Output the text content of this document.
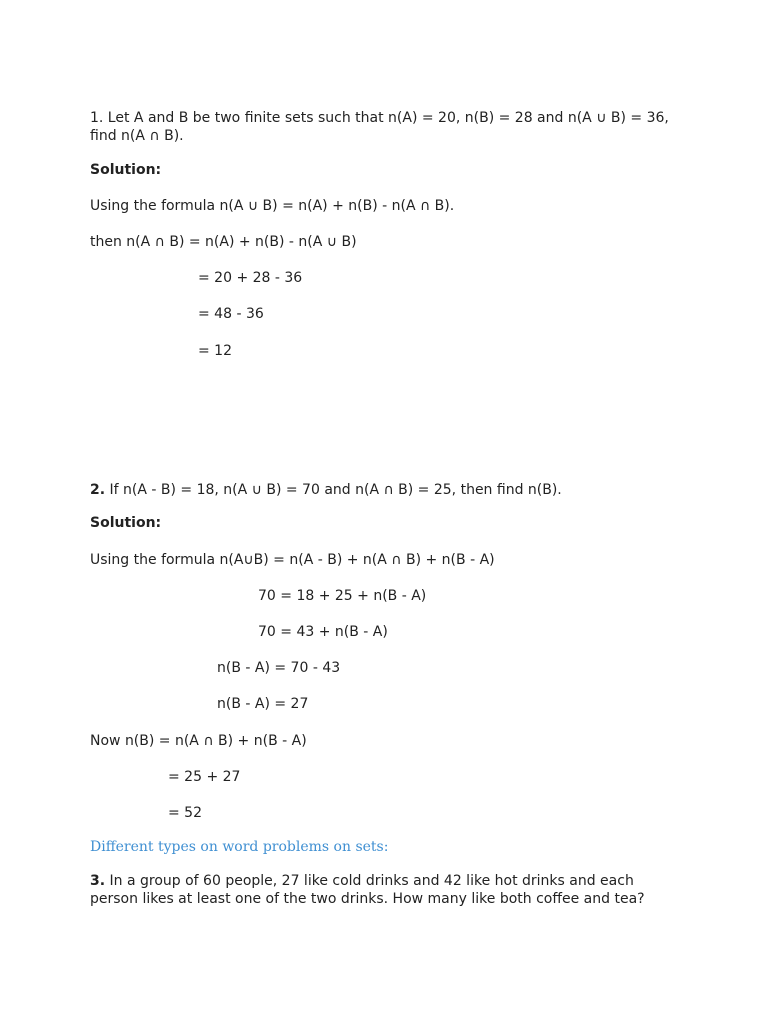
1. Let A and B be two finite sets such that n(A) = 20, n(B) = 28 and n(A ∪ B) = 36, find n(A ∩ B).

Solution:

Using the formula n(A ∪ B) = n(A) + n(B) - n(A ∩ B).

then n(A ∩ B) = n(A) + n(B) - n(A ∪ B)

= 20 + 28 - 36

= 48 - 36

= 12

2. If n(A - B) = 18, n(A ∪ B) = 70 and n(A ∩ B) = 25, then find n(B).

Solution:

Using the formula n(A∪B) = n(A - B) + n(A ∩ B) + n(B - A)

70 = 18 + 25 + n(B - A)

70 = 43 + n(B - A)

n(B - A) = 70 - 43

n(B - A) = 27

Now n(B) = n(A ∩ B) + n(B - A)

= 25 + 27

= 52

Different types on word problems on sets:

3. In a group of 60 people, 27 like cold drinks and 42 like hot drinks and each person likes at least one of the two drinks. How many like both coffee and tea?
